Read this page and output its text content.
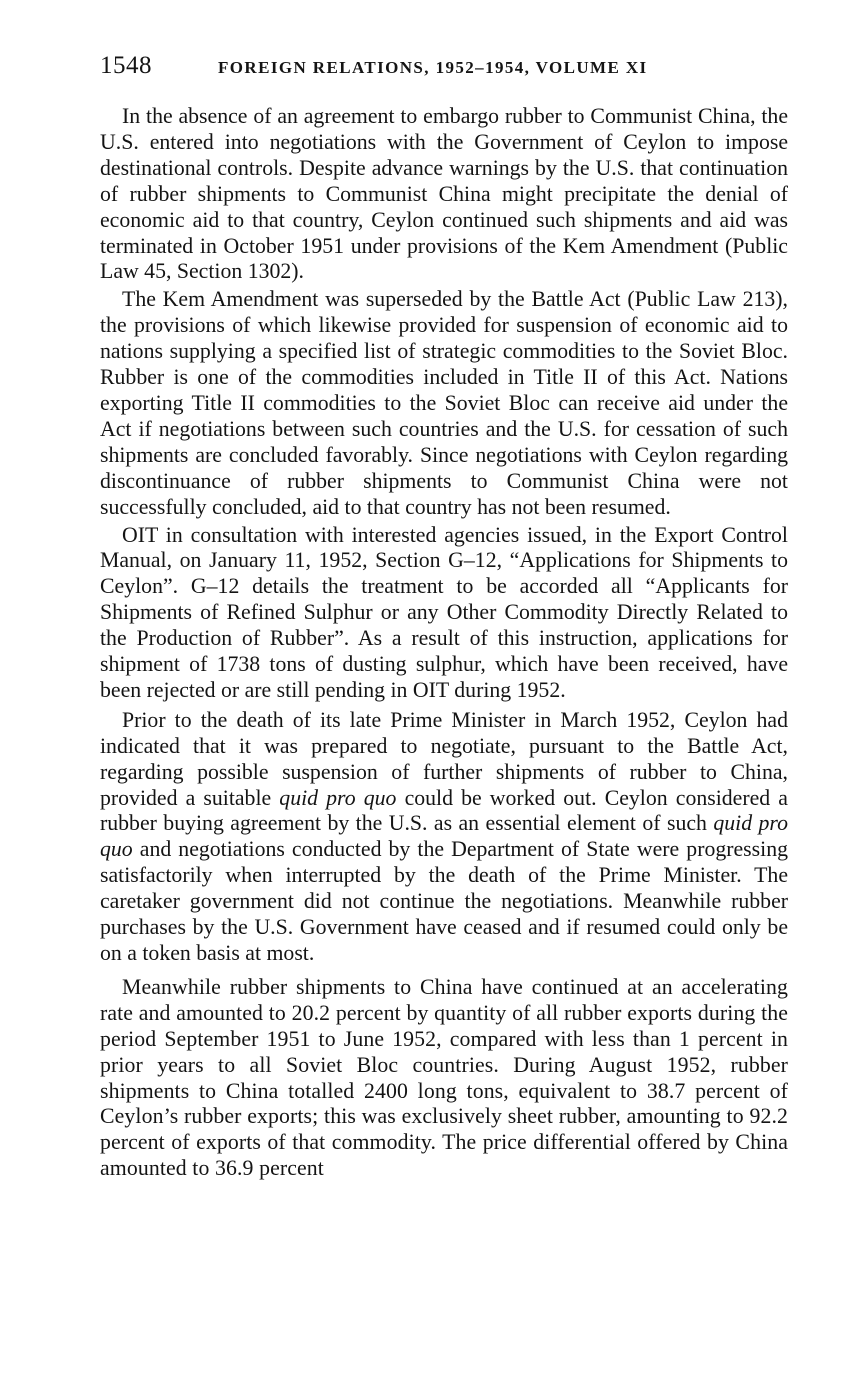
1548	FOREIGN RELATIONS, 1952–1954, VOLUME XI

In the absence of an agreement to embargo rubber to Communist China, the U.S. entered into negotiations with the Government of Ceylon to impose destinational controls. Despite advance warnings by the U.S. that continuation of rubber shipments to Communist China might precipitate the denial of economic aid to that country, Ceylon continued such shipments and aid was terminated in October 1951 under provisions of the Kem Amendment (Public Law 45, Section 1302).

The Kem Amendment was superseded by the Battle Act (Public Law 213), the provisions of which likewise provided for suspension of economic aid to nations supplying a specified list of strategic commodities to the Soviet Bloc. Rubber is one of the commodities included in Title II of this Act. Nations exporting Title II commodities to the Soviet Bloc can receive aid under the Act if negotiations between such countries and the U.S. for cessation of such shipments are concluded favorably. Since negotiations with Ceylon regarding discontinuance of rubber shipments to Communist China were not successfully concluded, aid to that country has not been resumed.

OIT in consultation with interested agencies issued, in the Export Control Manual, on January 11, 1952, Section G–12, “Applications for Shipments to Ceylon”. G–12 details the treatment to be accorded all “Applicants for Shipments of Refined Sulphur or any Other Commodity Directly Related to the Production of Rubber”. As a result of this instruction, applications for shipment of 1738 tons of dusting sulphur, which have been received, have been rejected or are still pending in OIT during 1952.

Prior to the death of its late Prime Minister in March 1952, Ceylon had indicated that it was prepared to negotiate, pursuant to the Battle Act, regarding possible suspension of further shipments of rubber to China, provided a suitable quid pro quo could be worked out. Ceylon considered a rubber buying agreement by the U.S. as an essential element of such quid pro quo and negotiations conducted by the Department of State were progressing satisfactorily when interrupted by the death of the Prime Minister. The caretaker government did not continue the negotiations. Meanwhile rubber purchases by the U.S. Government have ceased and if resumed could only be on a token basis at most.

Meanwhile rubber shipments to China have continued at an accelerating rate and amounted to 20.2 percent by quantity of all rubber exports during the period September 1951 to June 1952, compared with less than 1 percent in prior years to all Soviet Bloc countries. During August 1952, rubber shipments to China totalled 2400 long tons, equivalent to 38.7 percent of Ceylon’s rubber exports; this was exclusively sheet rubber, amounting to 92.2 percent of exports of that commodity. The price differential offered by China amounted to 36.9 percent
